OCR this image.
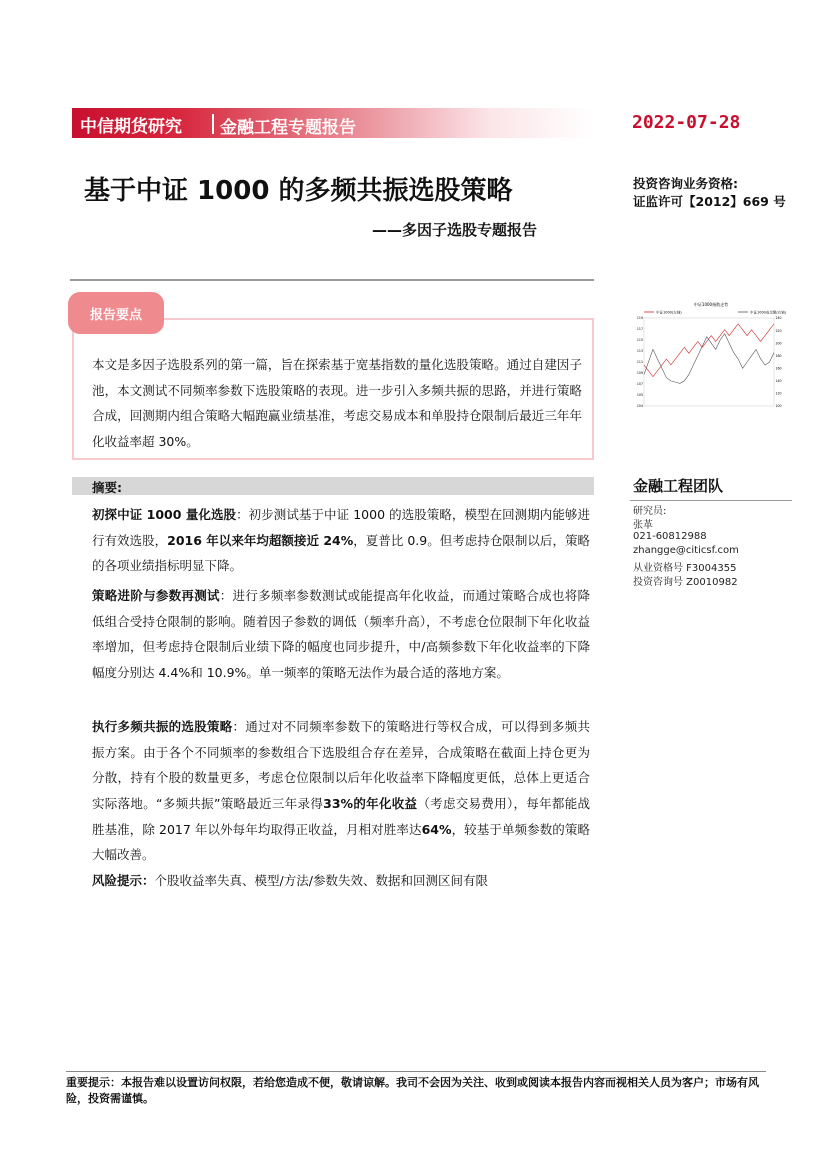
中信期货研究 金融工程专题报告	2022-07-28
基于中证 1000 的多频共振选股策略
——多因子选股专题报告
投资咨询业务资格:
证监许可【2012】669 号
报告要点
本文是多因子选股系列的第一篇，旨在探索基于宽基指数的量化选股策略。通过自建因子池，本文测试不同频率参数下选股策略的表现。进一步引入多频共振的思路，并进行策略合成，回测期内组合策略大幅跑赢业绩基准，考虑交易成本和单股持仓限制后最近三年年化收益率超 30%。
摘要:
初探中证 1000 量化选股：初步测试基于中证 1000 的选股策略，模型在回测期内能够进行有效选股，2016 年以来年均超额接近 24%，夏普比 0.9。但考虑持仓限制以后，策略的各项业绩指标明显下降。
策略进阶与参数再测试：进行多频率参数测试或能提高年化收益，而通过策略合成也将降低组合受持仓限制的影响。随着因子参数的调低（频率升高），不考虑仓位限制下年化收益率增加，但考虑持仓限制后业绩下降的幅度也同步提升，中/高频参数下年化收益率的下降幅度分别达 4.4%和 10.9%。单一频率的策略无法作为最合适的落地方案。
执行多频共振的选股策略：通过对不同频率参数下的策略进行等权合成，可以得到多频共振方案。由于各个不同频率的参数组合下选股组合存在差异，合成策略在截面上持仓更为分散，持有个股的数量更多，考虑仓位限制以后年化收益率下降幅度更低，总体上更适合实际落地。“多频共振”策略最近三年录得33%的年化收益（考虑交易费用），每年都能战胜基准，除 2017 年以外每年均取得正收益，月相对胜率达64%，较基于单频参数的策略大幅改善。
风险提示：个股收益率失真、模型/方法/参数失效、数据和回测区间有限
中证1000指数走势
中证1000(左轴)	中证1000成交额(右轴)
104
105
107
109
111
113
115
117
119
100
120
140
160
180
200
220
240
金融工程团队
研究员:
张革
021-60812988
zhangge@citicsf.com
从业资格号 F3004355
投资咨询号 Z0010982
重要提示：本报告难以设置访问权限，若给您造成不便，敬请谅解。我司不会因为关注、收到或阅读本报告内容而视相关人员为客户；市场有风险，投资需谨慎。
